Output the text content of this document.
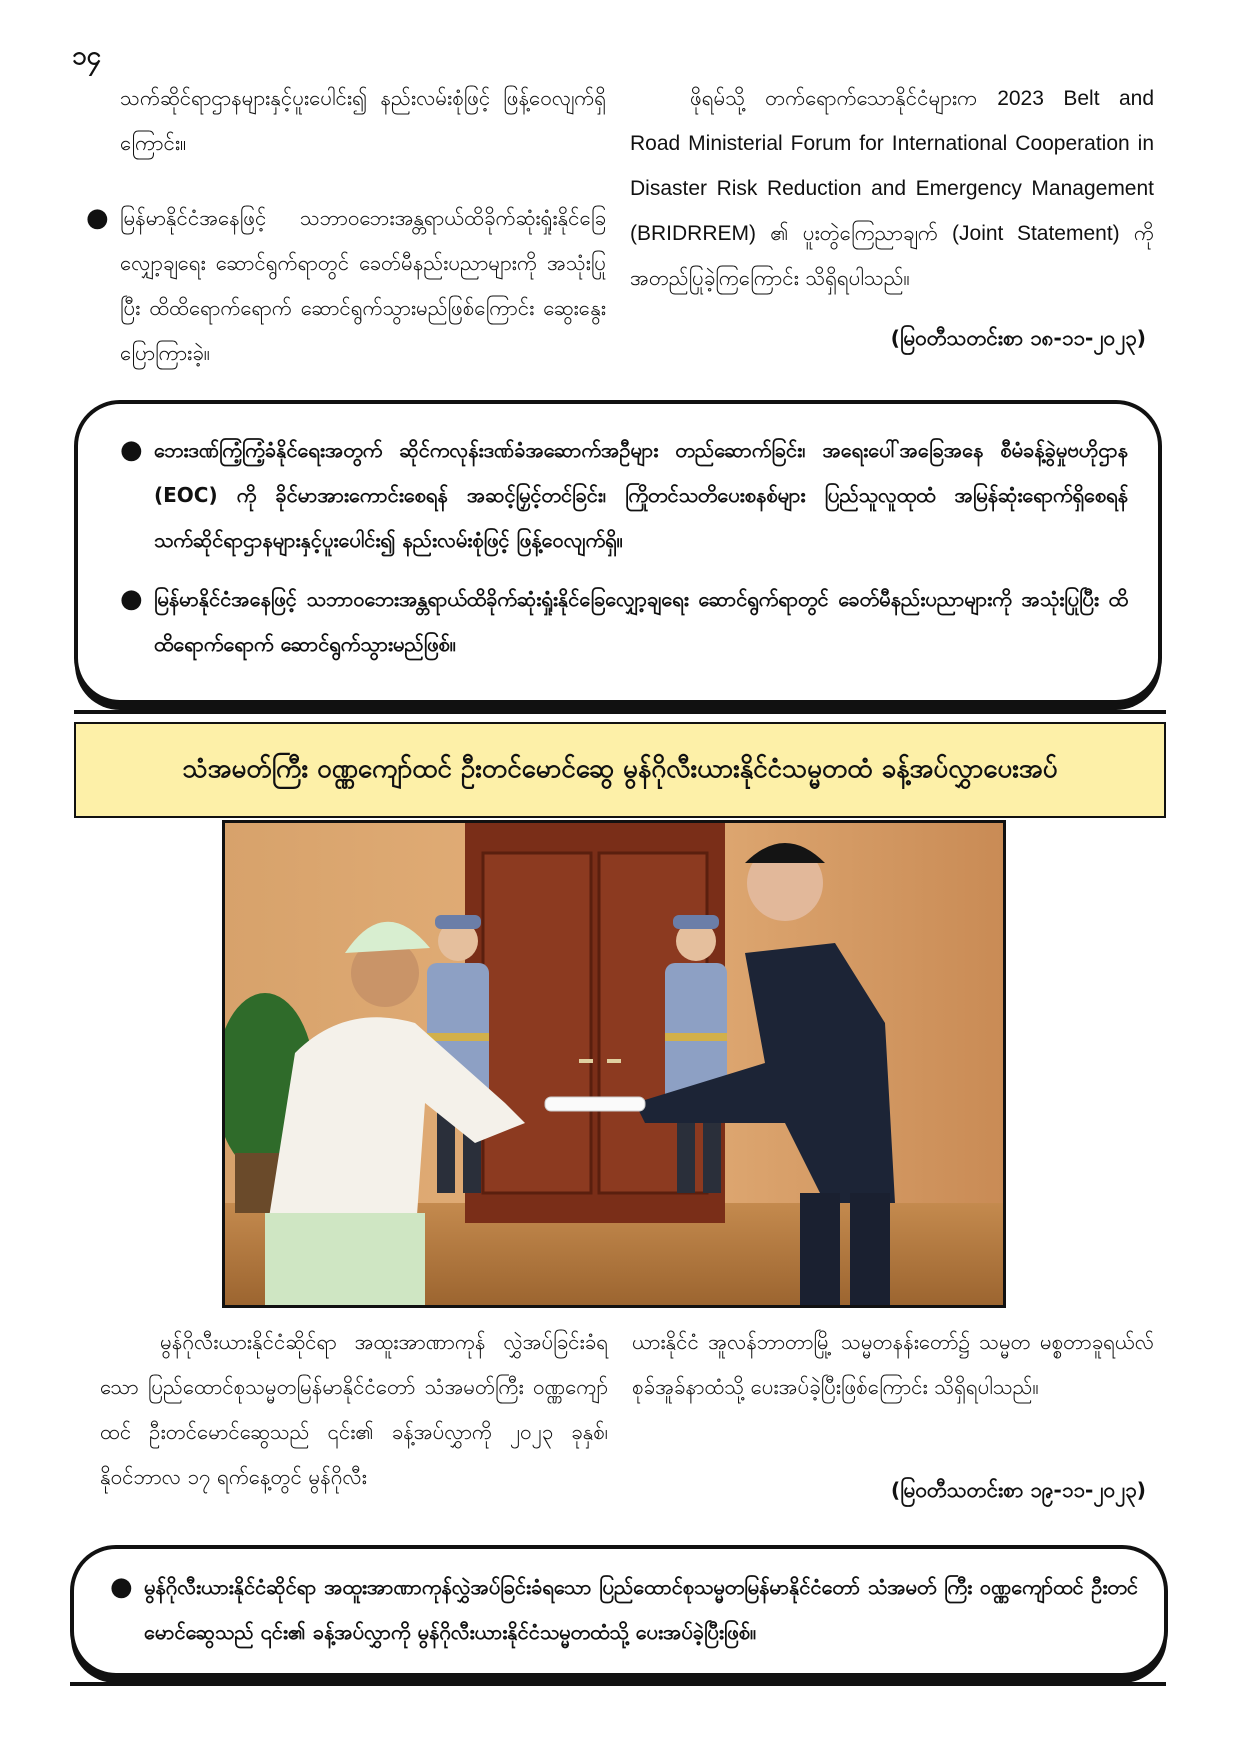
၁၄

သက်ဆိုင်ရာဌာနများနှင့်ပူးပေါင်း၍ နည်းလမ်းစုံဖြင့် ဖြန့်ဝေလျက်ရှိကြောင်း။

● မြန်မာနိုင်ငံအနေဖြင့် သဘာဝဘေးအန္တရာယ်ထိခိုက်ဆုံးရှုံးနိုင်ခြေလျှော့ချရေး ဆောင်ရွက်ရာတွင် ခေတ်မီနည်းပညာများကို အသုံးပြုပြီး ထိထိရောက်ရောက် ဆောင်ရွက်သွားမည်ဖြစ်ကြောင်း ဆွေးနွေးပြောကြားခဲ့။

ဖိုရမ်သို့ တက်ရောက်သောနိုင်ငံများက 2023 Belt and Road Ministerial Forum for International Cooperation in Disaster Risk Reduction and Emergency Management (BRIDRREM) ၏ ပူးတွဲကြေညာချက် (Joint Statement) ကို အတည်ပြုခဲ့ကြကြောင်း သိရှိရပါသည်။

(မြဝတီသတင်းစာ ၁၈-၁၁-၂၀၂၃)
● ဘေးဒဏ်ကြံ့ကြံ့ခံနိုင်ရေးအတွက် ဆိုင်ကလုန်းဒဏ်ခံအဆောက်အဦများ တည်ဆောက်ခြင်း၊ အရေးပေါ်အခြေအနေ စီမံခန့်ခွဲမှုဗဟိုဌာန (EOC) ကို ခိုင်မာအားကောင်းစေရန် အဆင့်မြှင့်တင်ခြင်း၊ ကြိုတင်သတိပေးစနစ်များ ပြည်သူလူထုထံ အမြန်ဆုံးရောက်ရှိစေရန် သက်ဆိုင်ရာဌာနများနှင့်ပူးပေါင်း၍ နည်းလမ်းစုံဖြင့် ဖြန့်ဝေလျက်ရှိ။
● မြန်မာနိုင်ငံအနေဖြင့် သဘာဝဘေးအန္တရာယ်ထိခိုက်ဆုံးရှုံးနိုင်ခြေလျှော့ချရေး ဆောင်ရွက်ရာတွင် ခေတ်မီနည်းပညာများကို အသုံးပြုပြီး ထိထိရောက်ရောက် ဆောင်ရွက်သွားမည်ဖြစ်။
သံအမတ်ကြီး ဝဏ္ဏကျော်ထင် ဦးတင်မောင်ဆွေ မွန်ဂိုလီးယားနိုင်ငံသမ္မတထံ ခန့်အပ်လွှာပေးအပ်

မွန်ဂိုလီးယားနိုင်ငံဆိုင်ရာ အထူးအာဏာကုန် လွှဲအပ်ခြင်းခံရသော ပြည်ထောင်စုသမ္မတမြန်မာနိုင်ငံတော် သံအမတ်ကြီး ဝဏ္ဏကျော်ထင် ဦးတင်မောင်ဆွေသည် ၎င်း၏ ခန့်အပ်လွှာကို ၂၀၂၃ ခုနှစ်၊ နိုဝင်ဘာလ ၁၇ ရက်နေ့တွင် မွန်ဂိုလီး

ယားနိုင်ငံ အူလန်ဘာတာမြို့ သမ္မတနန်းတော်၌ သမ္မတ မစ္စတာခူရယ်လ်စုခ်အူခ်နာထံသို့ ပေးအပ်ခဲ့ပြီးဖြစ်ကြောင်း သိရှိရပါသည်။

(မြဝတီသတင်းစာ ၁၉-၁၁-၂၀၂၃)
● မွန်ဂိုလီးယားနိုင်ငံဆိုင်ရာ အထူးအာဏာကုန်လွှဲအပ်ခြင်းခံရသော ပြည်ထောင်စုသမ္မတမြန်မာနိုင်ငံတော် သံအမတ် ကြီး ဝဏ္ဏကျော်ထင် ဦးတင်မောင်ဆွေသည် ၎င်း၏ ခန့်အပ်လွှာကို မွန်ဂိုလီးယားနိုင်ငံသမ္မတထံသို့ ပေးအပ်ခဲ့ပြီးဖြစ်။
